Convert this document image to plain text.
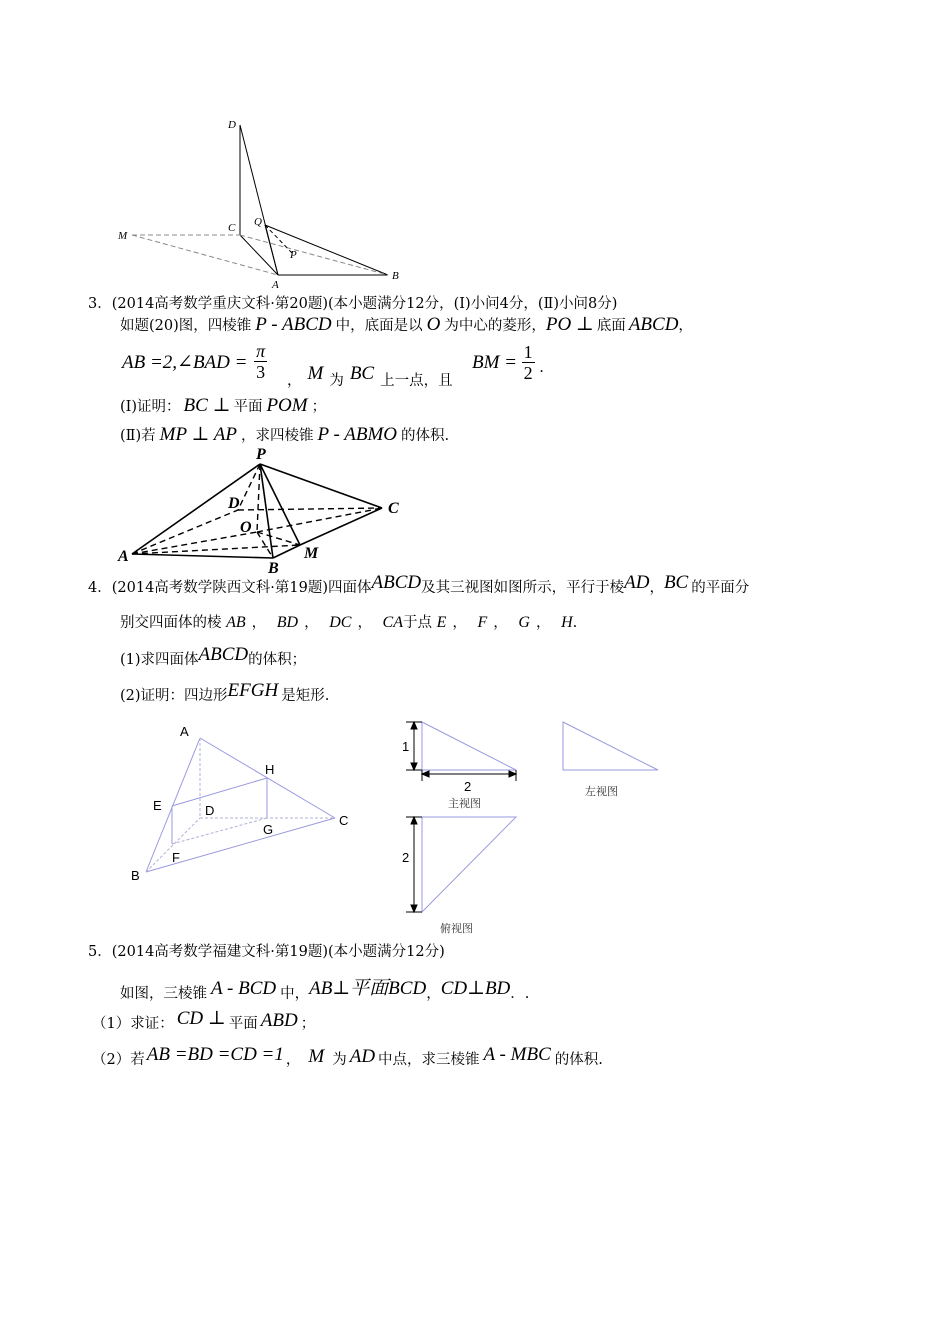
D
C Q
M
P
A
B
3．(2014高考数学重庆文科·第20题)(本小题满分12分，(Ⅰ)小问4分，(Ⅱ)小问8分)
如题(20)图，四棱锥 P - ABCD 中，底面是以 O 为中心的菱形，PO ⊥ 底面 ABCD，
AB =2,∠BAD = $\frac{\pi}{3}$ ， M 为 BC 上一点，且
BM = $\frac{1}{2}$ .
(Ⅰ)证明： BC ⊥ 平面 POM ；
(Ⅱ)若 MP ⊥ AP ，求四棱锥 P - ABMO 的体积.
P
D	C
O
A	M
B
4．(2014高考数学陕西文科·第19题)四面体ABCD及其三视图如图所示，平行于棱AD，BC 的平面分
别交四面体的棱 AB ， BD ， DC ， CA于点 E ， F ， G ， H.
(1)求四面体ABCD的体积；
(2)证明：四边形EFGH 是矩形.
A
H
E	D
C
G
F
B
1
2
主视图
左视图
2
俯视图
5．(2014高考数学福建文科·第19题)(本小题满分12分)
如图，三棱锥 A - BCD 中，AB⊥平面BCD，CD⊥BD．.
（1）求证： CD ⊥ 平面 ABD ；
（2）若 AB =BD =CD =1 ， M 为 AD 中点，求三棱锥 A - MBC 的体积.
